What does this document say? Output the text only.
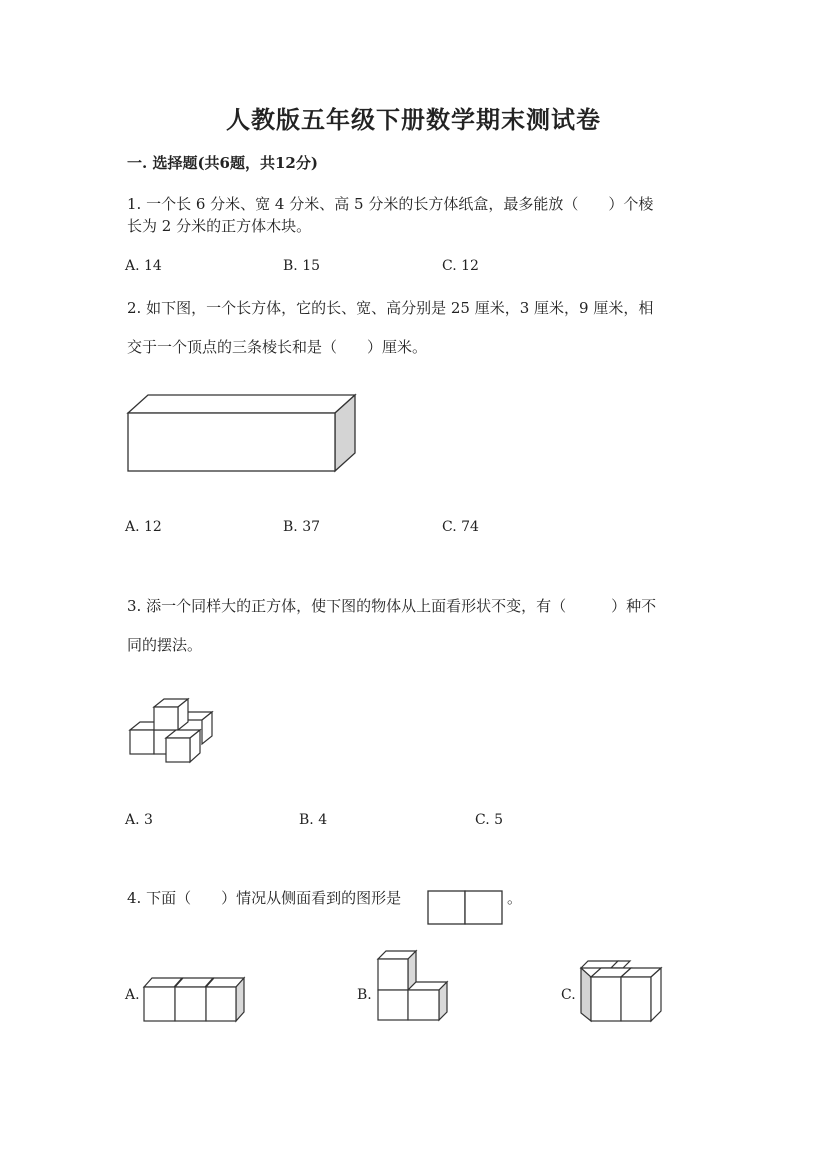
人教版五年级下册数学期末测试卷
一. 选择题(共6题，共12分)
1. 一个长 6 分米、宽 4 分米、高 5 分米的长方体纸盒，最多能放（　　）个棱
长为 2 分米的正方体木块。
A. 14	B. 15	C. 12
2. 如下图，一个长方体，它的长、宽、高分别是 25 厘米，3 厘米，9 厘米，相
交于一个顶点的三条棱长和是（　　）厘米。
A. 12	B. 37	C. 74
3. 添一个同样大的正方体，使下图的物体从上面看形状不变，有（　　　）种不
同的摆法。
A. 3	B. 4	C. 5
4. 下面（　　）情况从侧面看到的图形是	。
A.	B.	C.
